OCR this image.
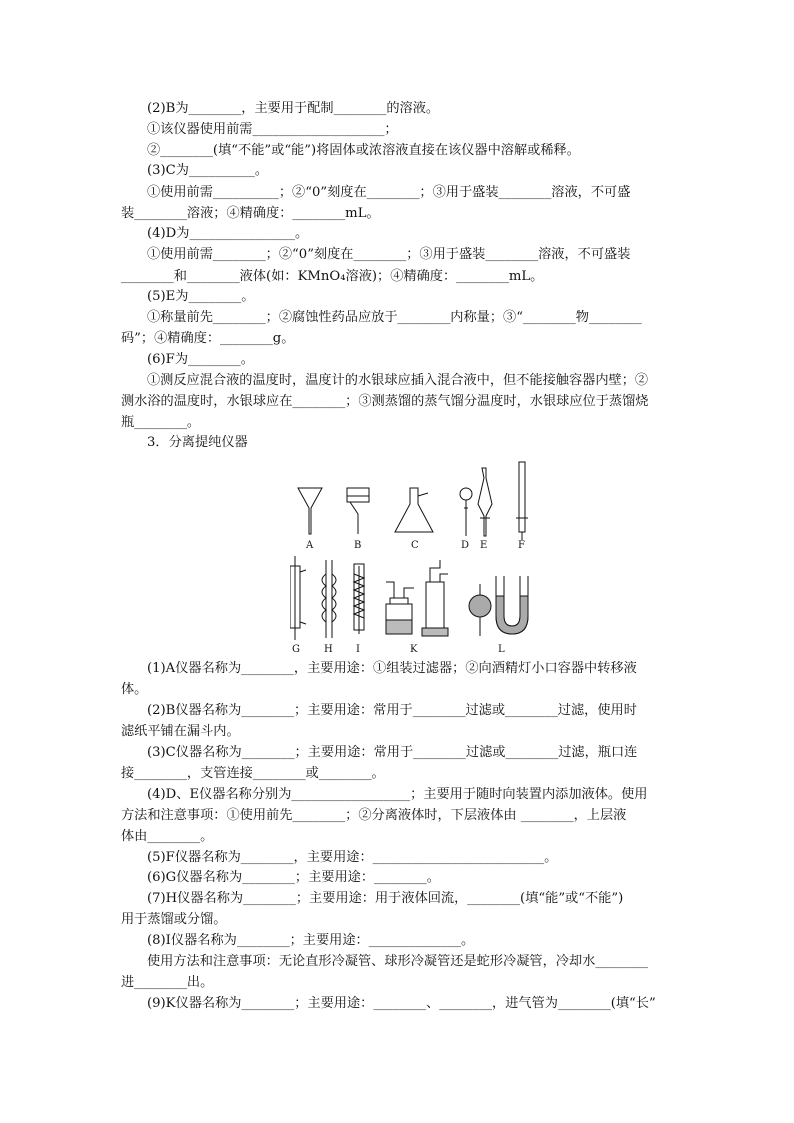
(2)B为________，主要用于配制________的溶液。
①该仪器使用前需____________________；
②________(填“不能”或“能”)将固体或浓溶液直接在该仪器中溶解或稀释。
(3)C为__________。
①使用前需__________；②“0”刻度在________；③用于盛装________溶液，不可盛
装________溶液；④精确度：________mL。
(4)D为________________。
①使用前需________；②“0”刻度在________；③用于盛装________溶液，不可盛装
________和________液体(如：KMnO₄溶液)；④精确度：________mL。
(5)E为________。
①称量前先________；②腐蚀性药品应放于________内称量；③“________物________
码”；④精确度：________g。
(6)F为________。
①测反应混合液的温度时，温度计的水银球应插入混合液中，但不能接触容器内壁；②
测水浴的温度时，水银球应在________；③测蒸馏的蒸气馏分温度时，水银球应位于蒸馏烧
瓶________。
3．分离提纯仪器
A	B	C	D E	F
G H I	K	L
(1)A仪器名称为________，主要用途：①组装过滤器；②向酒精灯小口容器中转移液
体。
(2)B仪器名称为________；主要用途：常用于________过滤或________过滤，使用时
滤纸平铺在漏斗内。
(3)C仪器名称为________；主要用途：常用于________过滤或________过滤，瓶口连
接________，支管连接________或________。
(4)D、E仪器名称分别为__________________；主要用于随时向装置内添加液体。使用
方法和注意事项：①使用前先________；②分离液体时，下层液体由 ________，上层液
体由________。
(5)F仪器名称为________，主要用途：__________________________。
(6)G仪器名称为________；主要用途：________。
(7)H仪器名称为________；主要用途：用于液体回流，________(填“能”或“不能”)
用于蒸馏或分馏。
(8)I仪器名称为________；主要用途：______________。
使用方法和注意事项：无论直形冷凝管、球形冷凝管还是蛇形冷凝管，冷却水________
进________出。
(9)K仪器名称为________；主要用途：________、________，进气管为________(填“长”
